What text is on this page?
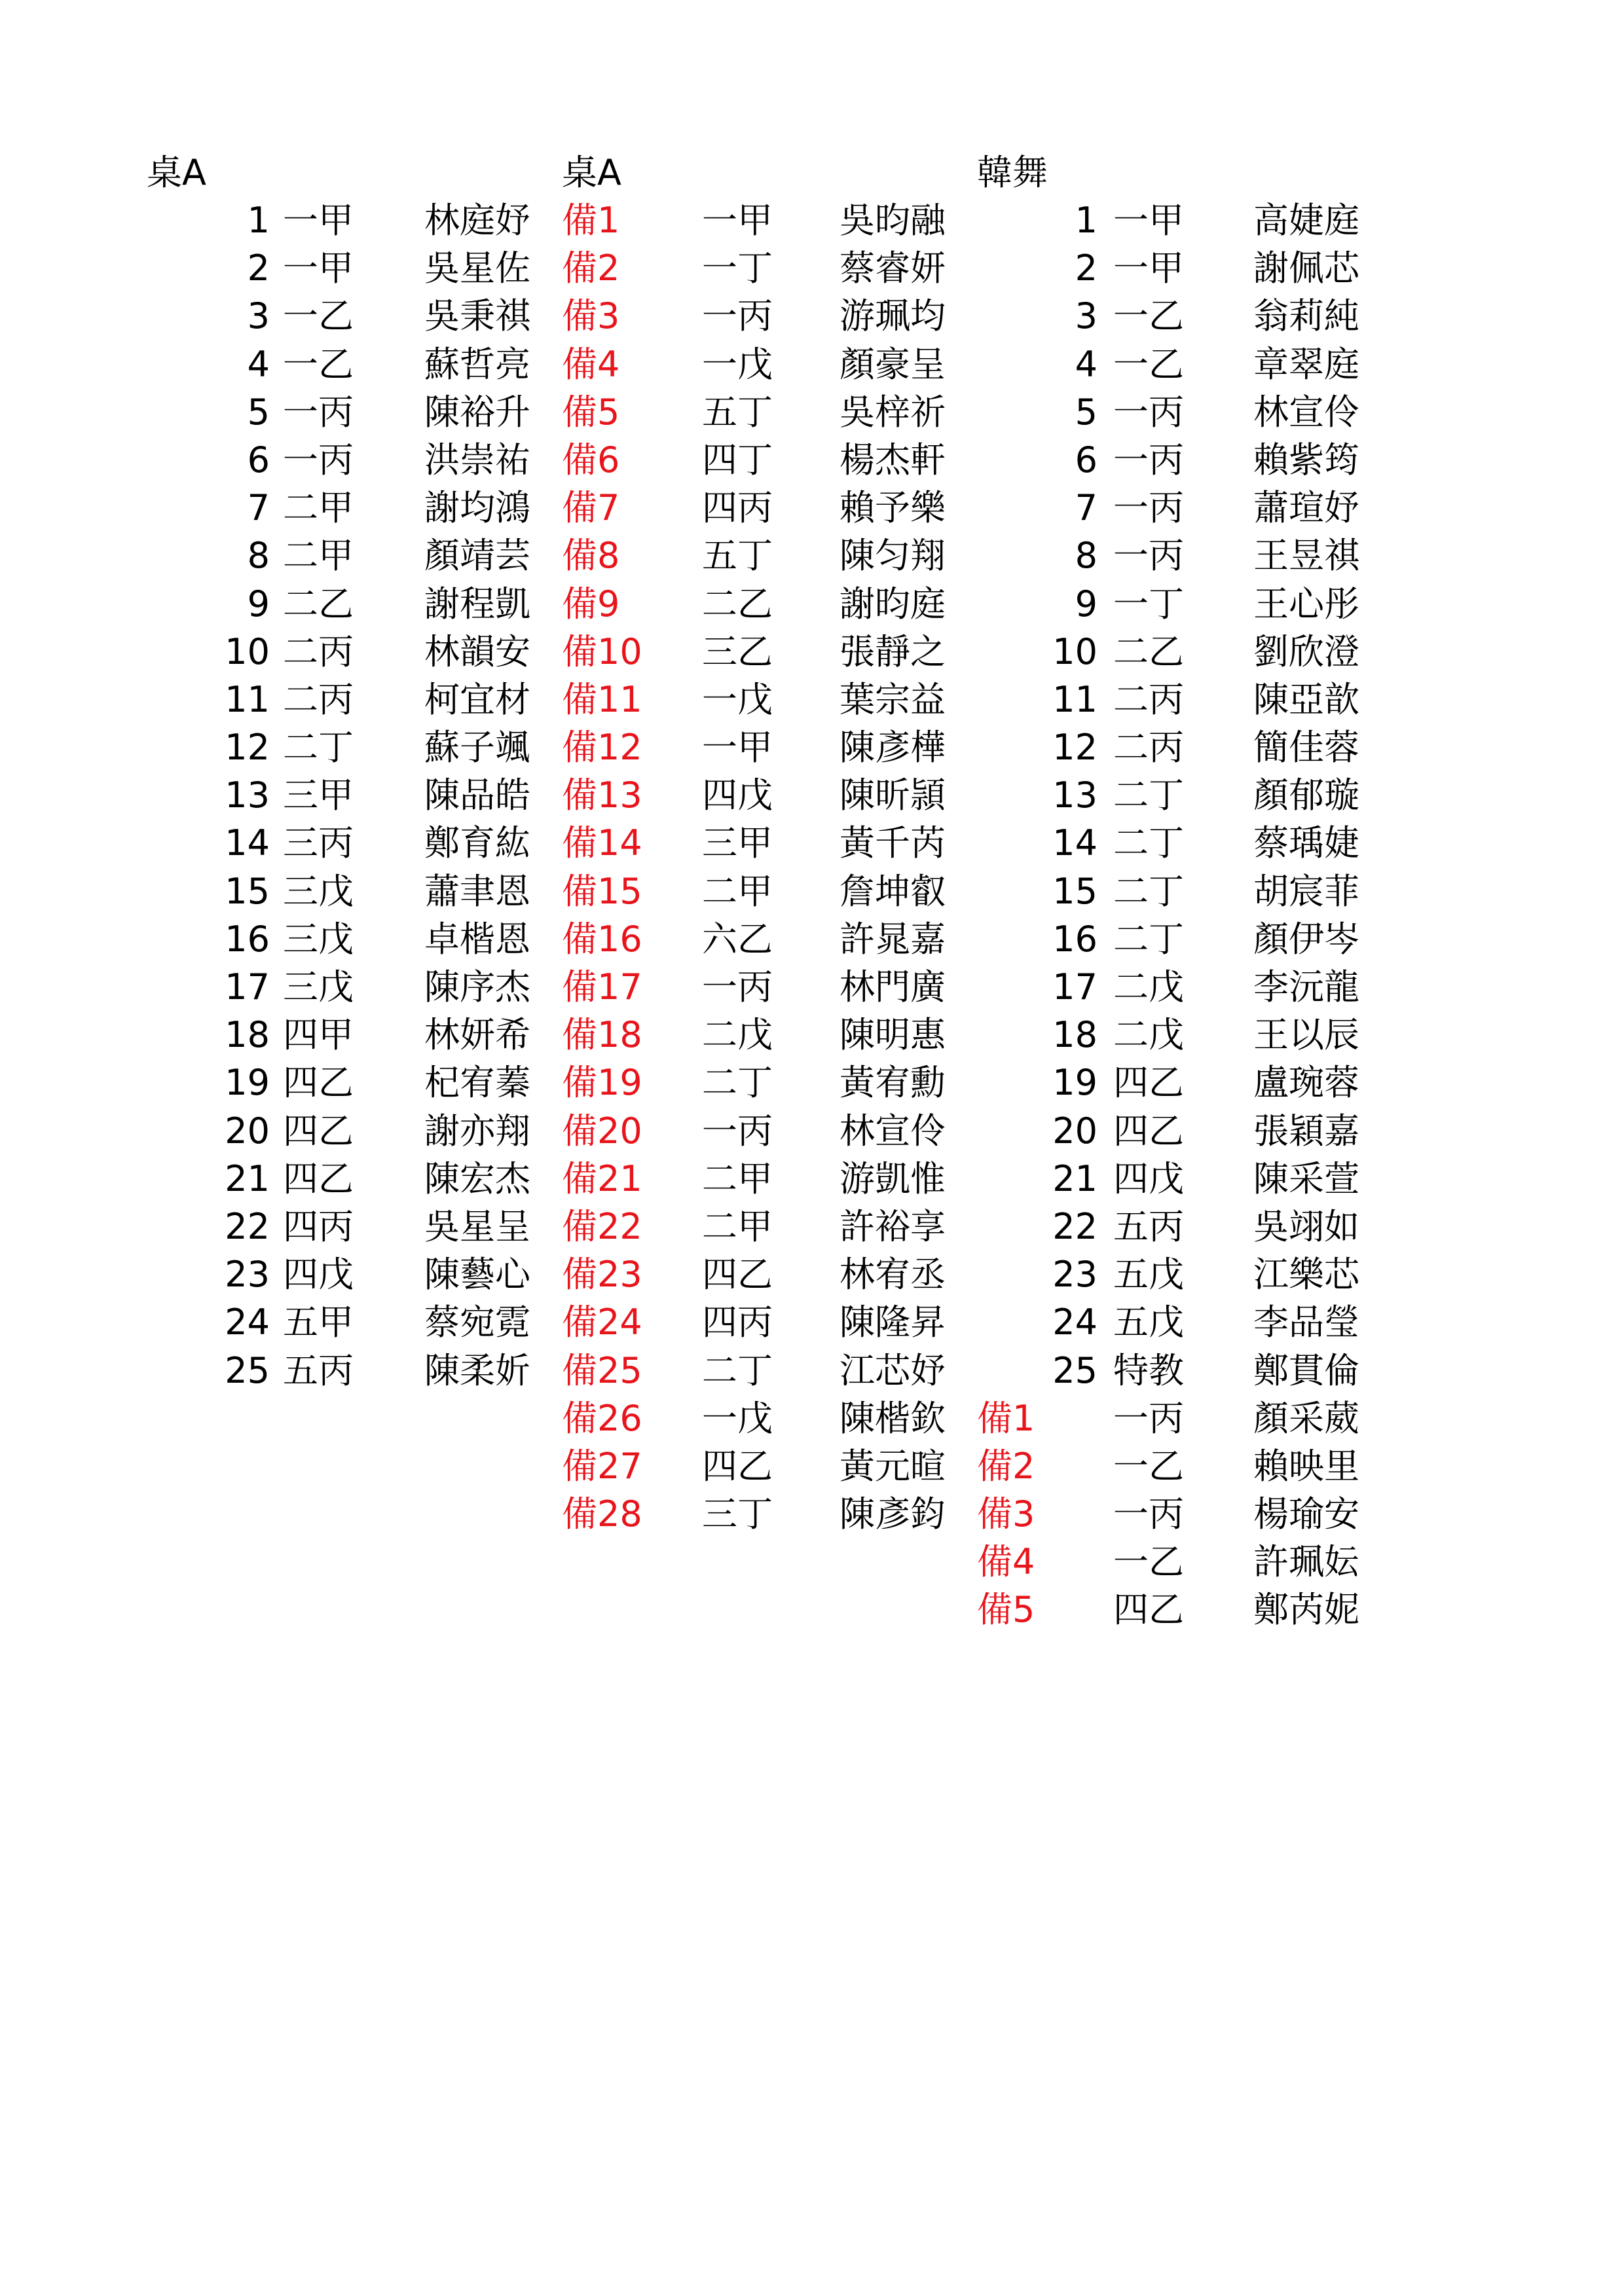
桌A	桌A	韓舞
1 一甲 林庭妤
2 一甲 吳星佐
3 一乙 吳秉祺
4 一乙 蘇哲亮
5 一丙 陳裕升
6 一丙 洪崇祐
7 二甲 謝均鴻
8 二甲 顏靖芸
9 二乙 謝程凱
10 二丙 林韻安
11 二丙 柯宜材
12 二丁 蘇子颯
13 三甲 陳品皓
14 三丙 鄭育紘
15 三戊 蕭聿恩
16 三戊 卓楷恩
17 三戊 陳序杰
18 四甲 林妍希
19 四乙 杞宥蓁
20 四乙 謝亦翔
21 四乙 陳宏杰
22 四丙 吳星呈
23 四戊 陳藝心
24 五甲 蔡宛霓
25 五丙 陳柔妡
備1 一甲 吳昀融
備2 一丁 蔡睿妍
備3 一丙 游珮均
備4 一戊 顏豪呈
備5 五丁 吳梓祈
備6 四丁 楊杰軒
備7 四丙 賴予樂
備8 五丁 陳匀翔
備9 二乙 謝昀庭
備10 三乙 張靜之
備11 一戊 葉宗益
備12 一甲 陳彥樺
備13 四戊 陳昕頴
備14 三甲 黃千芮
備15 二甲 詹坤叡
備16 六乙 許晁嘉
備17 一丙 林門廣
備18 二戊 陳明惠
備19 二丁 黃宥勳
備20 一丙 林宣伶
備21 二甲 游凱惟
備22 二甲 許裕享
備23 四乙 林宥丞
備24 四丙 陳隆昇
備25 二丁 江芯妤
備26 一戊 陳楷欽
備27 四乙 黃元暄
備28 三丁 陳彥鈞
1 一甲 高婕庭
2 一甲 謝佩芯
3 一乙 翁莉純
4 一乙 章翠庭
5 一丙 林宣伶
6 一丙 賴紫筠
7 一丙 蕭瑄妤
8 一丙 王昱祺
9 一丁 王心彤
10 二乙 劉欣澄
11 二丙 陳亞歆
12 二丙 簡佳蓉
13 二丁 顏郁璇
14 二丁 蔡瑀婕
15 二丁 胡宸菲
16 二丁 顏伊岑
17 二戊 李沅龍
18 二戊 王以辰
19 四乙 盧琬蓉
20 四乙 張穎嘉
21 四戊 陳采萱
22 五丙 吳翊如
23 五戊 江樂芯
24 五戊 李品瑩
25 特教 鄭貫倫
備1 一丙 顏采葳
備2 一乙 賴映里
備3 一丙 楊瑜安
備4 一乙 許珮妘
備5 四乙 鄭芮妮
